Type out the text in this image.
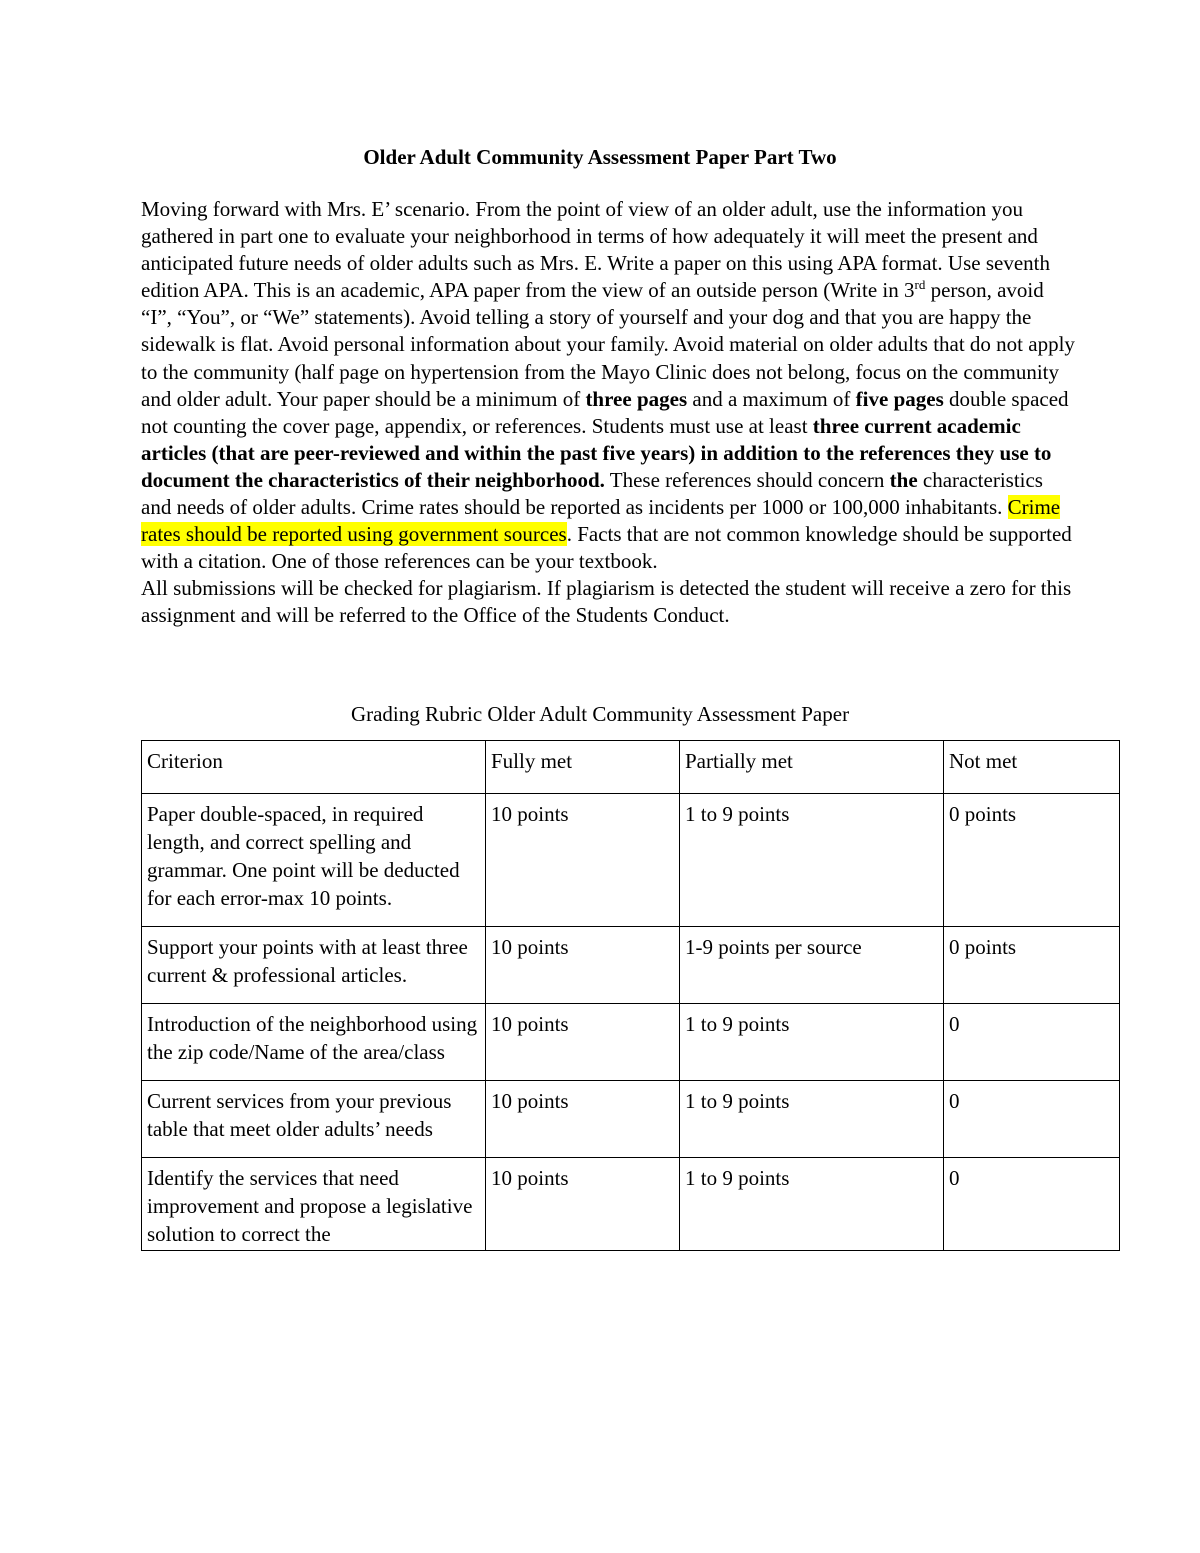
Older Adult Community Assessment Paper Part Two

Moving forward with Mrs. E’ scenario. From the point of view of an older adult, use the information you gathered in part one to evaluate your neighborhood in terms of how adequately it will meet the present and anticipated future needs of older adults such as Mrs. E. Write a paper on this using APA format. Use seventh edition APA. This is an academic, APA paper from the view of an outside person (Write in 3rd person, avoid “I”, “You”, or “We” statements). Avoid telling a story of yourself and your dog and that you are happy the sidewalk is flat. Avoid personal information about your family. Avoid material on older adults that do not apply to the community (half page on hypertension from the Mayo Clinic does not belong, focus on the community and older adult. Your paper should be a minimum of three pages and a maximum of five pages double spaced not counting the cover page, appendix, or references. Students must use at least three current academic articles (that are peer-reviewed and within the past five years) in addition to the references they use to document the characteristics of their neighborhood. These references should concern the characteristics and needs of older adults. Crime rates should be reported as incidents per 1000 or 100,000 inhabitants. Crime rates should be reported using government sources. Facts that are not common knowledge should be supported with a citation. One of those references can be your textbook.

All submissions will be checked for plagiarism. If plagiarism is detected the student will receive a zero for this assignment and will be referred to the Office of the Students Conduct.

Grading Rubric Older Adult Community Assessment Paper
Criterion	Fully met	Partially met	Not met
Paper double-spaced, in required length, and correct spelling and grammar. One point will be deducted for each error-max 10 points.	10 points	1 to 9 points	0 points
Support your points with at least three current & professional articles.	10 points	1-9 points per source	0 points
Introduction of the neighborhood using the zip code/Name of the area/class	10 points	1 to 9 points	0
Current services from your previous table that meet older adults’ needs	10 points	1 to 9 points	0
Identify the services that need improvement and propose a legislative solution to correct the	10 points	1 to 9 points	0
